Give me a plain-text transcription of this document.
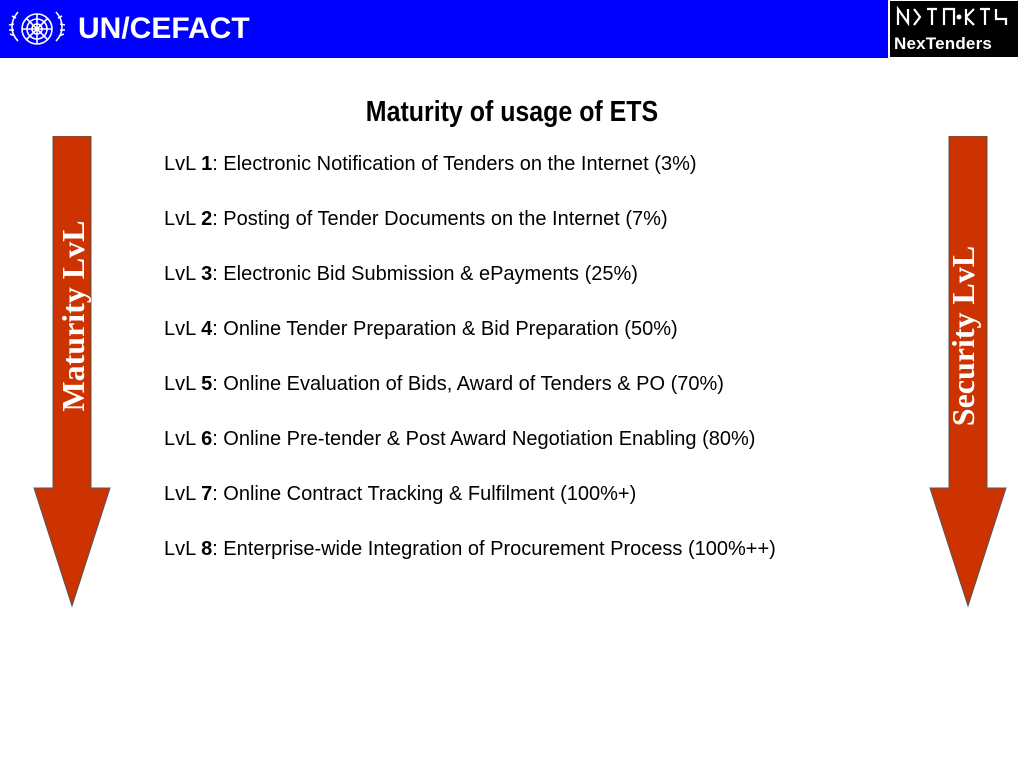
UN/CEFACT	NexTenders
Maturity of usage of ETS
Maturity LvL	Security LvL
LvL 1: Electronic Notification of Tenders on the Internet (3%)
LvL 2: Posting of Tender Documents on the Internet (7%)
LvL 3: Electronic Bid Submission & ePayments (25%)
LvL 4: Online Tender Preparation & Bid Preparation (50%)
LvL 5: Online Evaluation of Bids, Award of Tenders & PO (70%)
LvL 6: Online Pre-tender & Post Award Negotiation Enabling (80%)
LvL 7: Online Contract Tracking & Fulfilment (100%+)
LvL 8: Enterprise-wide Integration of Procurement Process (100%++)
